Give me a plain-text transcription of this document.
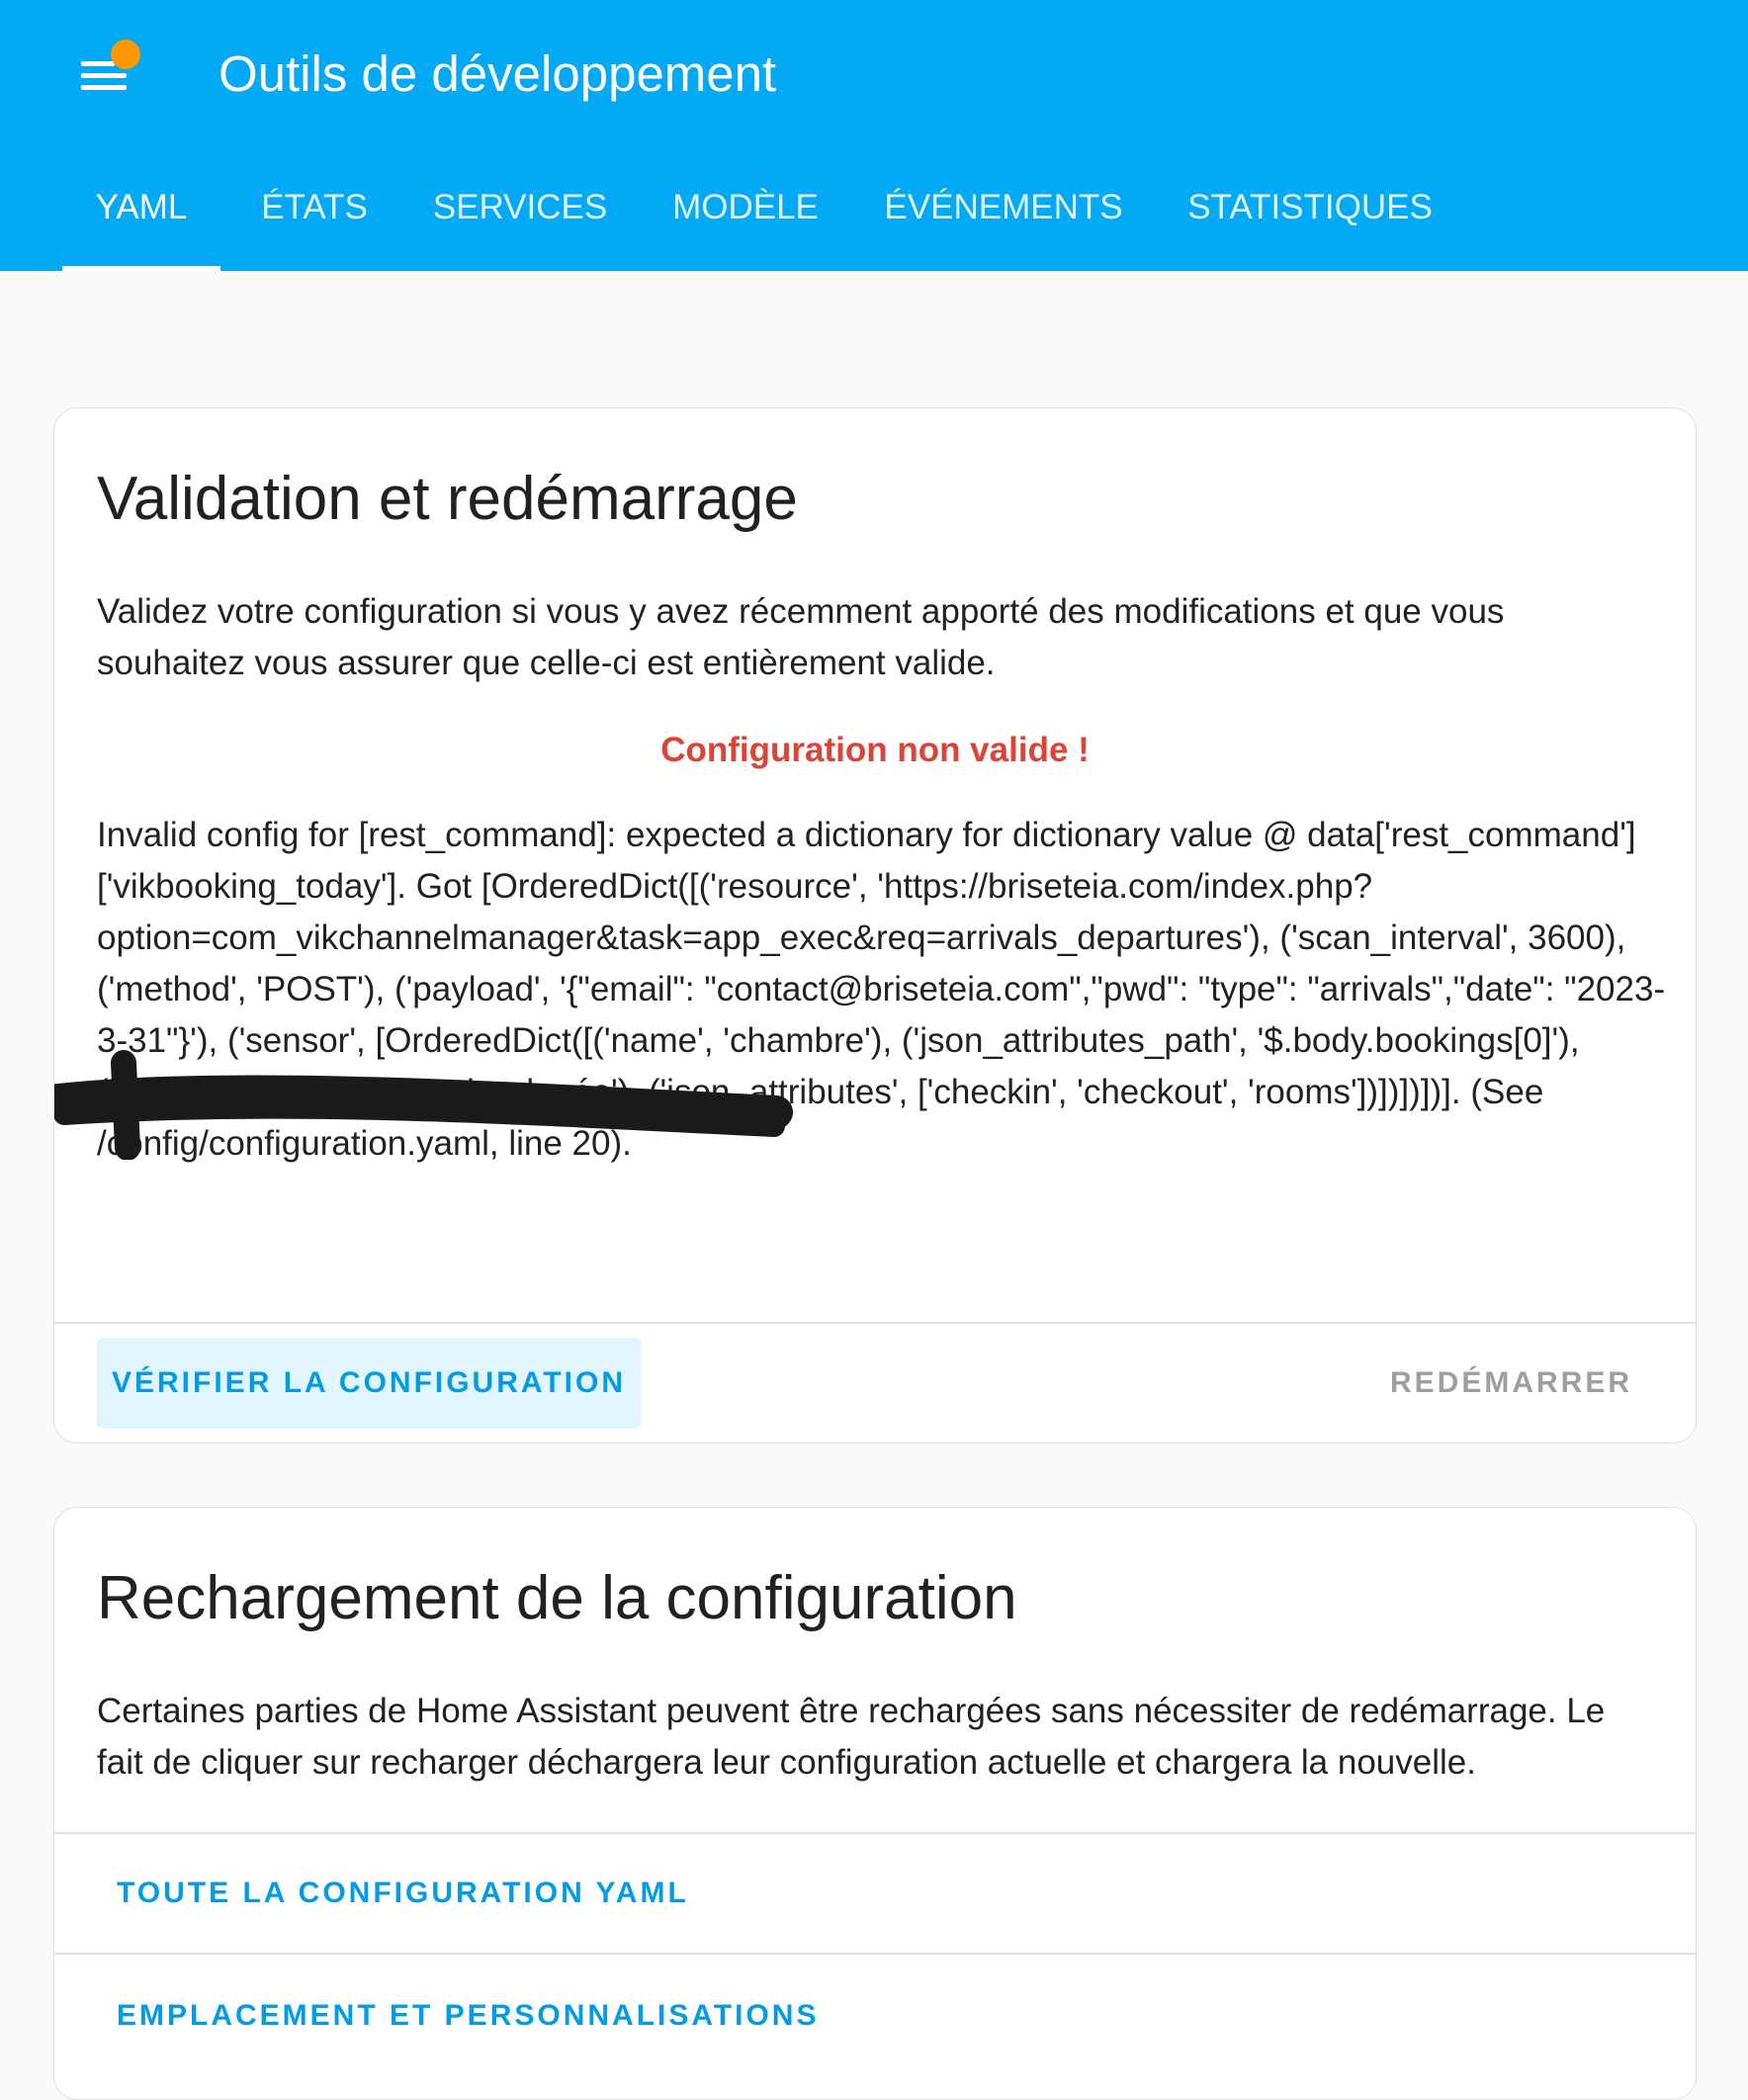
Outils de développement
YAML	ÉTATS	SERVICES	MODÈLE	ÉVÉNEMENTS STATISTIQUES
Validation et redémarrage
Validez votre configuration si vous y avez récemment apporté des modifications et que vous souhaitez vous assurer que celle-ci est entièrement valide.
Configuration non valide !
Invalid config for [rest_command]: expected a dictionary for dictionary value @ data['rest_command']['vikbooking_today']. Got [OrderedDict([('resource', 'https://briseteia.com/index.php?option=com_vikchannelmanager&task=app_exec&req=arrivals_departures'), ('scan_interval', 3600), ('method', 'POST'), ('payload', '{"email": "contact@briseteia.com","pwd": "type": "arrivals","date": "2023-3-31"}'), ('sensor', [OrderedDict([('name', 'chambre'), ('json_attributes_path', '$.body.bookings[0]'), ('value_template', 'chambre louée'), ('json_attributes', ['checkin', 'checkout', 'rooms'])])])])]. (See /config/configuration.yaml, line 20).
VÉRIFIER LA CONFIGURATION	REDÉMARRER
Rechargement de la configuration
Certaines parties de Home Assistant peuvent être rechargées sans nécessiter de redémarrage. Le fait de cliquer sur recharger déchargera leur configuration actuelle et chargera la nouvelle.
TOUTE LA CONFIGURATION YAML
EMPLACEMENT ET PERSONNALISATIONS
